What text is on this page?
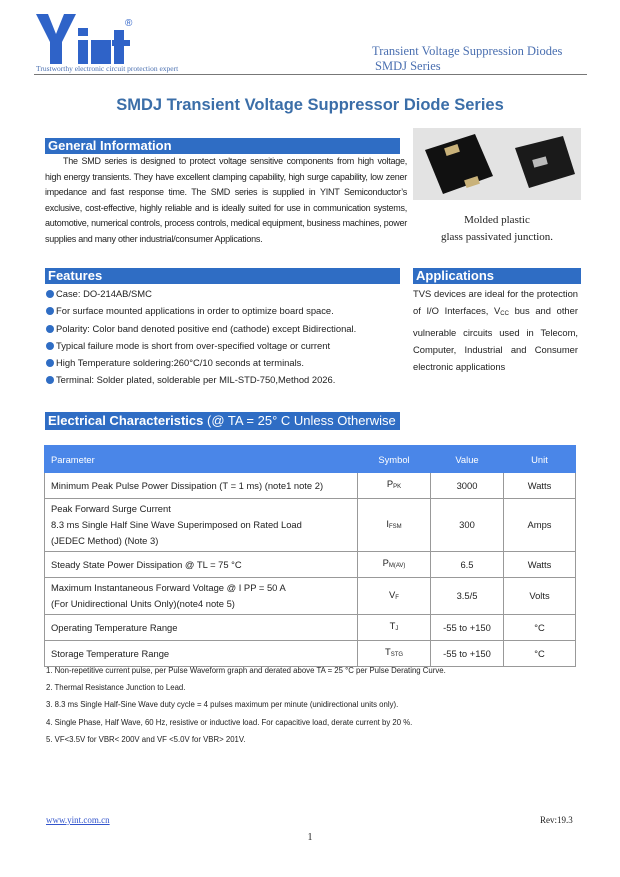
®
Trustworthy electronic circuit protection expert
Transient Voltage Suppression Diodes
SMDJ Series
SMDJ Transient Voltage Suppressor Diode Series
General Information
The SMD series is designed to protect voltage sensitive components from high voltage, high energy transients. They have excellent clamping capability, high surge capability, low zener impedance and fast response time. The SMD series is supplied in YINT Semiconductor’s exclusive, cost-effective, highly reliable and is ideally suited for use in communication systems, automotive, numerical controls, process controls, medical equipment, business machines, power supplies and many other industrial/consumer Applications.
Molded plastic
glass passivated junction.
Features
Case: DO-214AB/SMC
For surface mounted applications in order to optimize board space.
Polarity: Color band denoted positive end (cathode) except Bidirectional.
Typical failure mode is short from over-specified voltage or current
High Temperature soldering:260°C/10 seconds at terminals.
Terminal: Solder plated, solderable per MIL-STD-750,Method 2026.
Applications
TVS devices are ideal for the protection of I/O Interfaces, $V_{CC}$ bus and other vulnerable circuits used in Telecom, Computer, Industrial and Consumer electronic applications
Electrical Characteristics (@ TA = 25° C Unless Otherwise Noted)
Parameter	Symbol	Value	Unit

Minimum Peak Pulse Power Dissipation (T = 1 ms) (note1 note 2)	$P_{PK}$	3000	Watts

Peak Forward Surge Current
8.3 ms Single Half Sine Wave Superimposed on Rated Load
(JEDEC Method) (Note 3)	$I_{FSM}$	300	Amps

Steady State Power Dissipation @ TL = 75 °C	$P_{M(AV)}$	6.5	Watts

Maximum Instantaneous Forward Voltage @ I PP = 50 A
(For Unidirectional Units Only)(note4 note 5)	$V_F$	3.5/5	Volts

Operating Temperature Range	$T_J$	-55 to +150	°C

Storage Temperature Range	$T_{STG}$	-55 to +150	°C
1. Non-repetitive current pulse, per Pulse Waveform graph and derated above TA = 25 °C per Pulse Derating Curve.
2. Thermal Resistance Junction to Lead.
3. 8.3 ms Single Half-Sine Wave duty cycle = 4 pulses maximum per minute (unidirectional units only).
4. Single Phase, Half Wave, 60 Hz, resistive or inductive load. For capacitive load, derate current by 20 %.
5. VF<3.5V for VBR< 200V and VF <5.0V for VBR> 201V.
www.yint.com.cn	Rev:19.3
1
